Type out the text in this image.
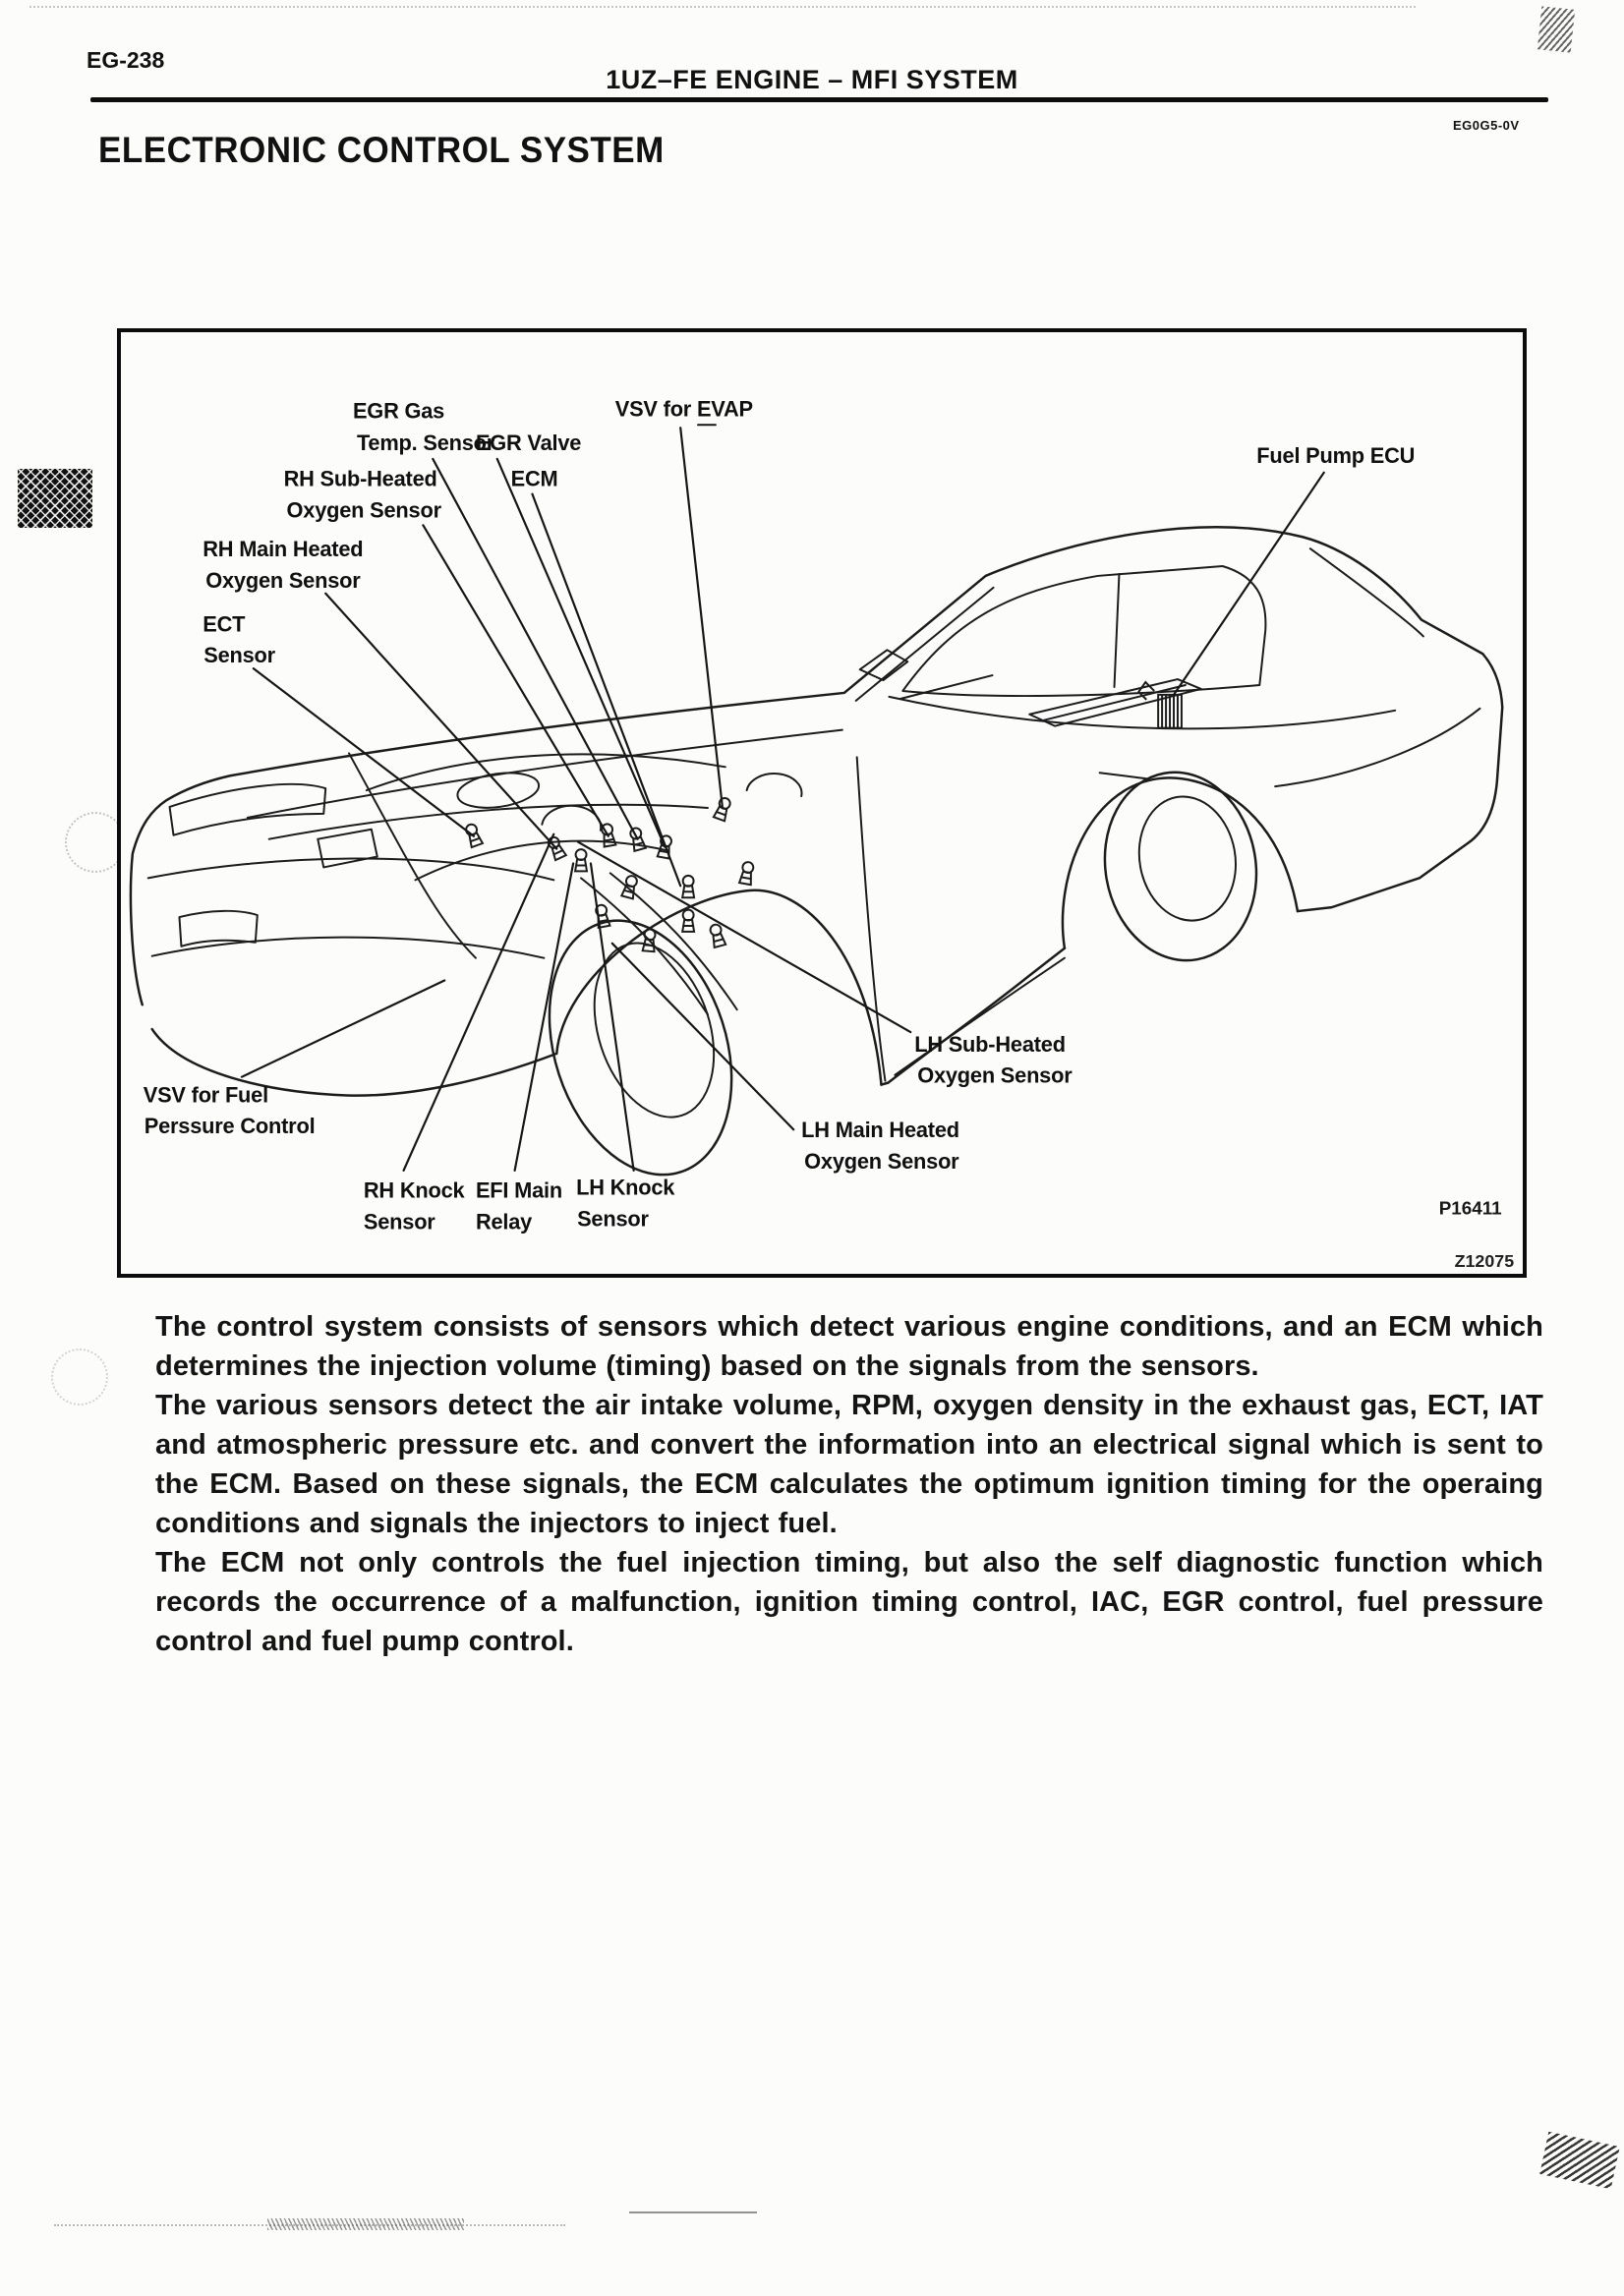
EG-238
1UZ–FE ENGINE – MFI SYSTEM
ELECTRONIC CONTROL SYSTEM
EG0G5-0V
EGR Gas
Temp. Sensor
EGR Valve
VSV for EVAP
ECM
Fuel Pump ECU
RH Sub-Heated
Oxygen Sensor
RH Main Heated
Oxygen Sensor
ECT
Sensor
VSV for Fuel
Perssure Control
RH Knock
Sensor
EFI Main
Relay
LH Knock
Sensor
LH Sub-Heated
Oxygen Sensor
LH Main Heated
Oxygen Sensor
P16411
Z12075

The control system consists of sensors which detect various engine conditions, and an ECM which determines the injection volume (timing) based on the signals from the sensors.

The various sensors detect the air intake volume, RPM, oxygen density in the exhaust gas, ECT, IAT and atmospheric pressure etc. and convert the information into an electrical signal which is sent to the ECM. Based on these signals, the ECM calculates the optimum ignition timing for the operaing conditions and signals the injectors to inject fuel.

The ECM not only controls the fuel injection timing, but also the self diagnostic function which records the occurrence of a malfunction, ignition timing control, IAC, EGR control, fuel pressure control and fuel pump control.
